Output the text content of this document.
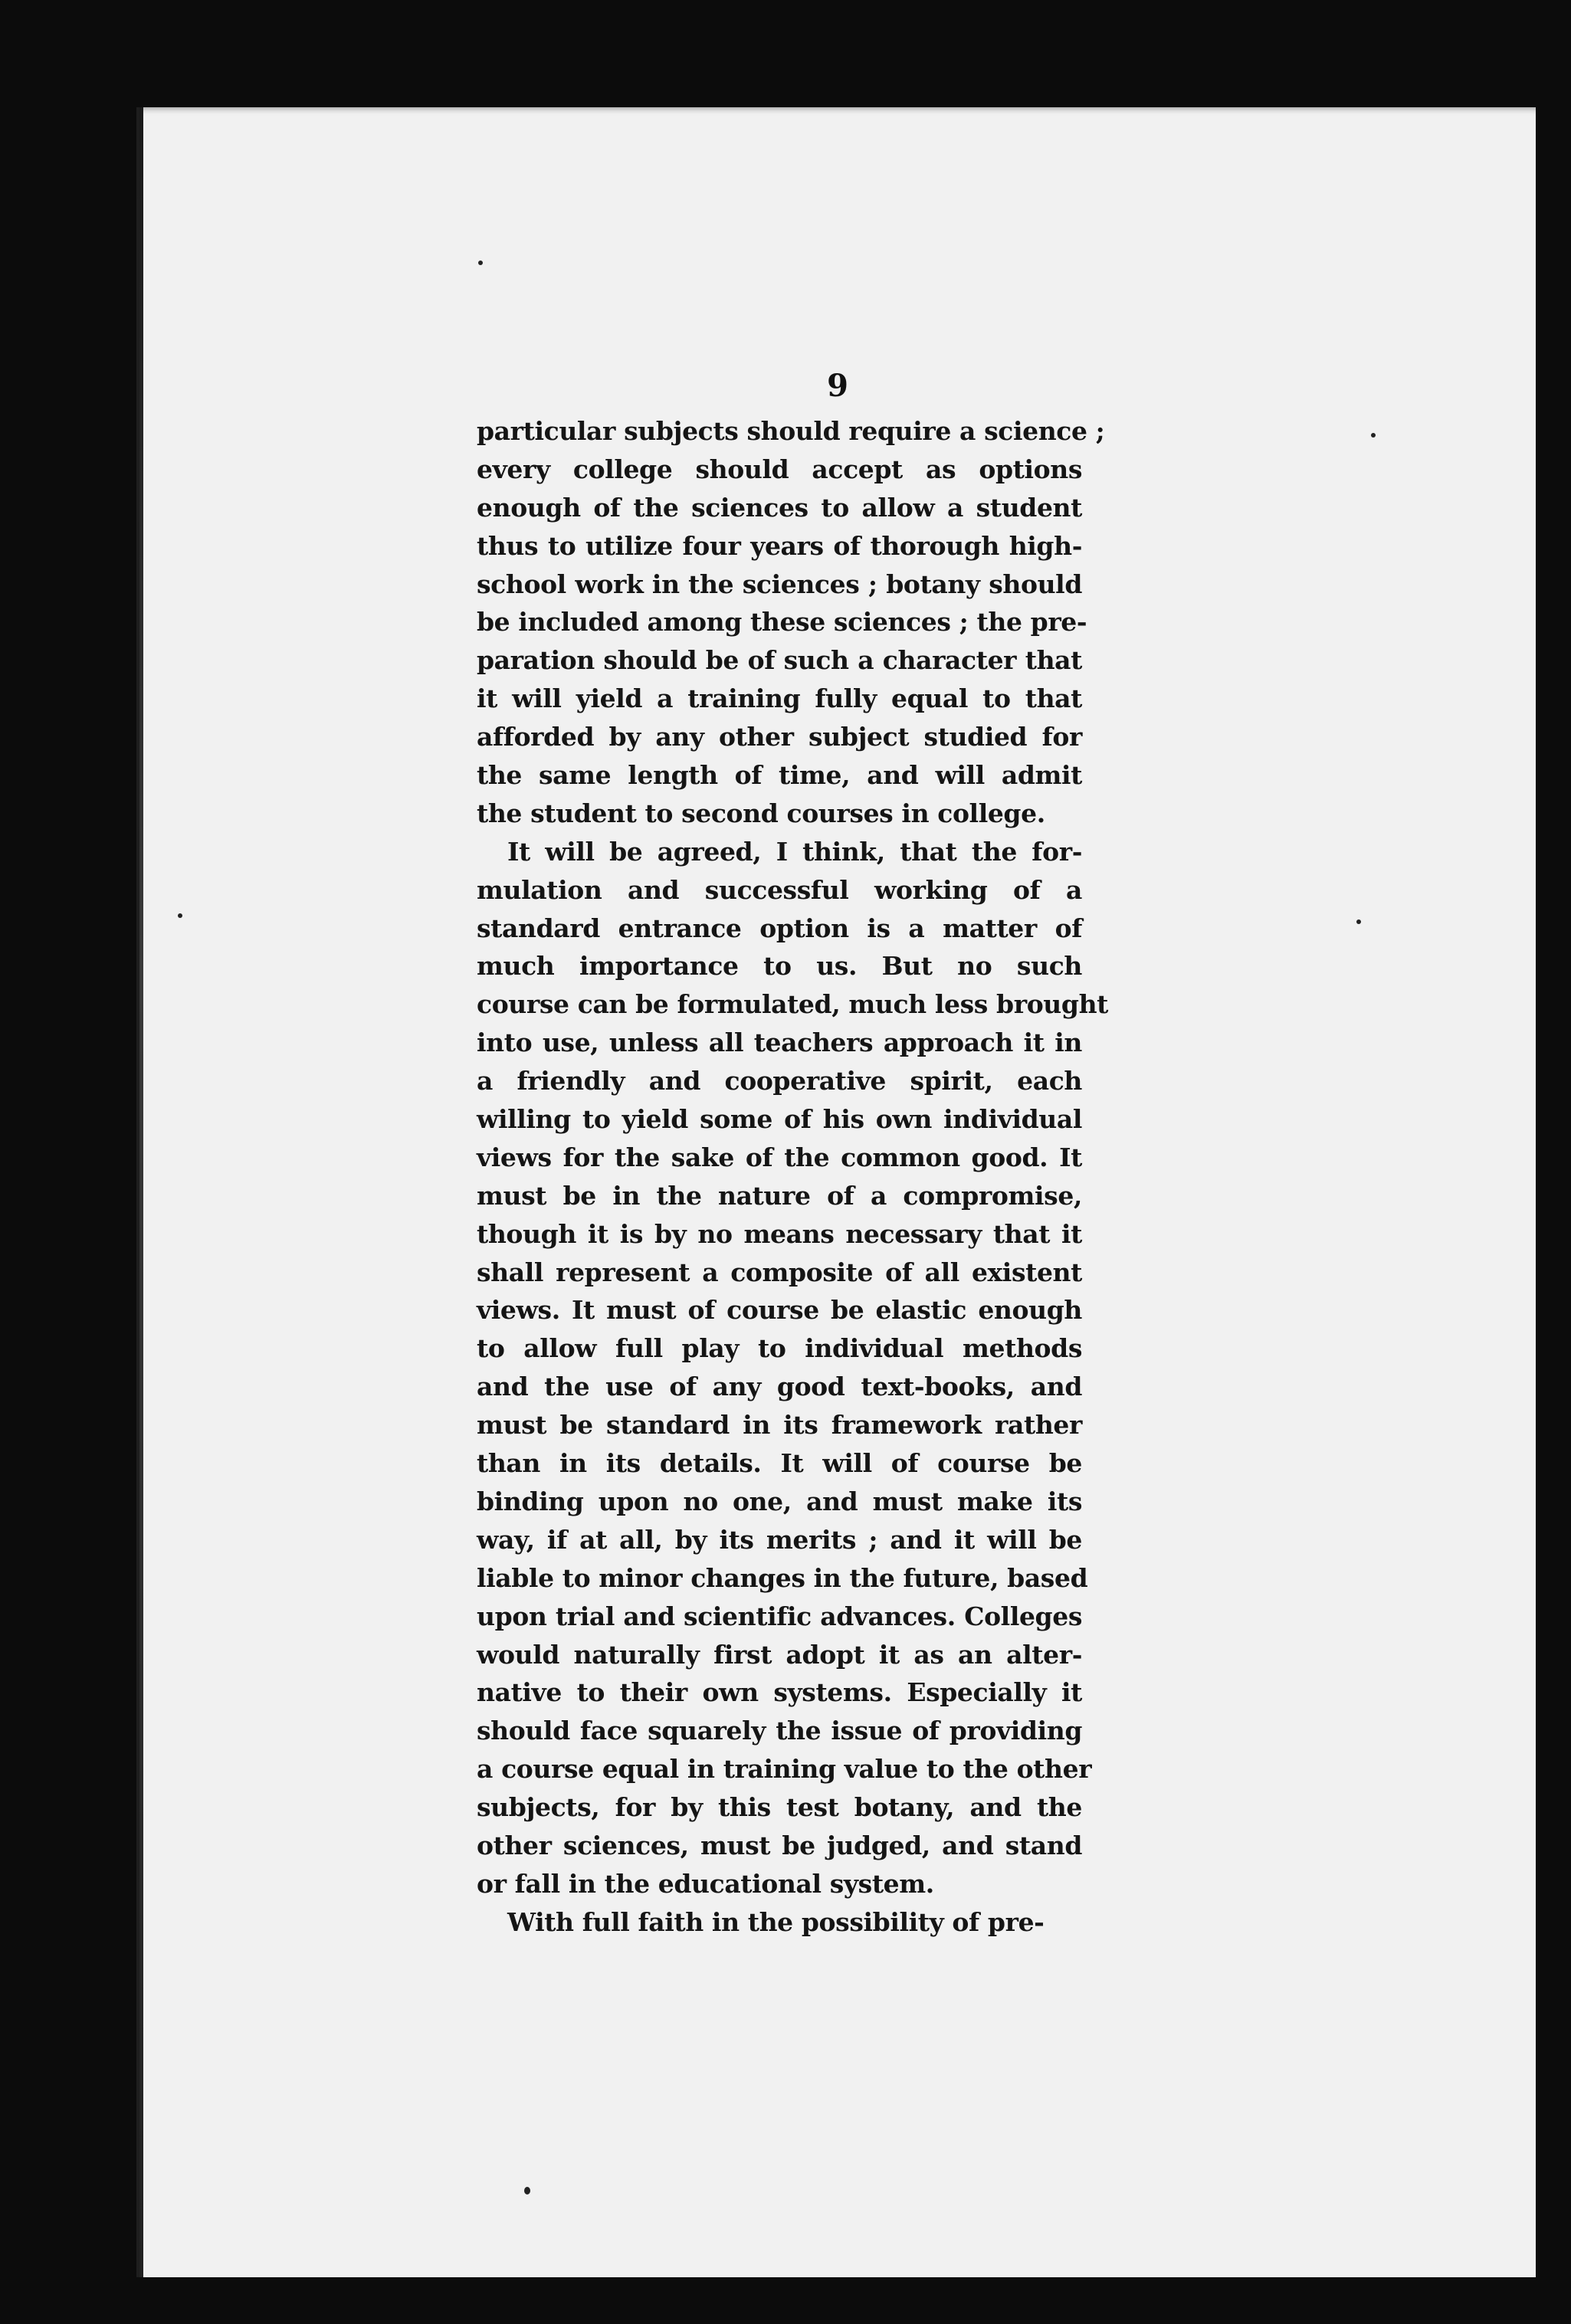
9
particular subjects should require a science ;
every college should accept as options
enough of the sciences to allow a student
thus to utilize four years of thorough high-
school work in the sciences ; botany should
be included among these sciences ; the pre-
paration should be of such a character that
it will yield a training fully equal to that
afforded by any other subject studied for
the same length of time, and will admit
the student to second courses in college.
It will be agreed, I think, that the for-
mulation and successful working of a
standard entrance option is a matter of
much importance to us. But no such
course can be formulated, much less brought
into use, unless all teachers approach it in
a friendly and cooperative spirit, each
willing to yield some of his own individual
views for the sake of the common good. It
must be in the nature of a compromise,
though it is by no means necessary that it
shall represent a composite of all existent
views. It must of course be elastic enough
to allow full play to individual methods
and the use of any good text-books, and
must be standard in its framework rather
than in its details. It will of course be
binding upon no one, and must make its
way, if at all, by its merits ; and it will be
liable to minor changes in the future, based
upon trial and scientific advances. Colleges
would naturally first adopt it as an alter-
native to their own systems. Especially it
should face squarely the issue of providing
a course equal in training value to the other
subjects, for by this test botany, and the
other sciences, must be judged, and stand
or fall in the educational system.
With full faith in the possibility of pre-
